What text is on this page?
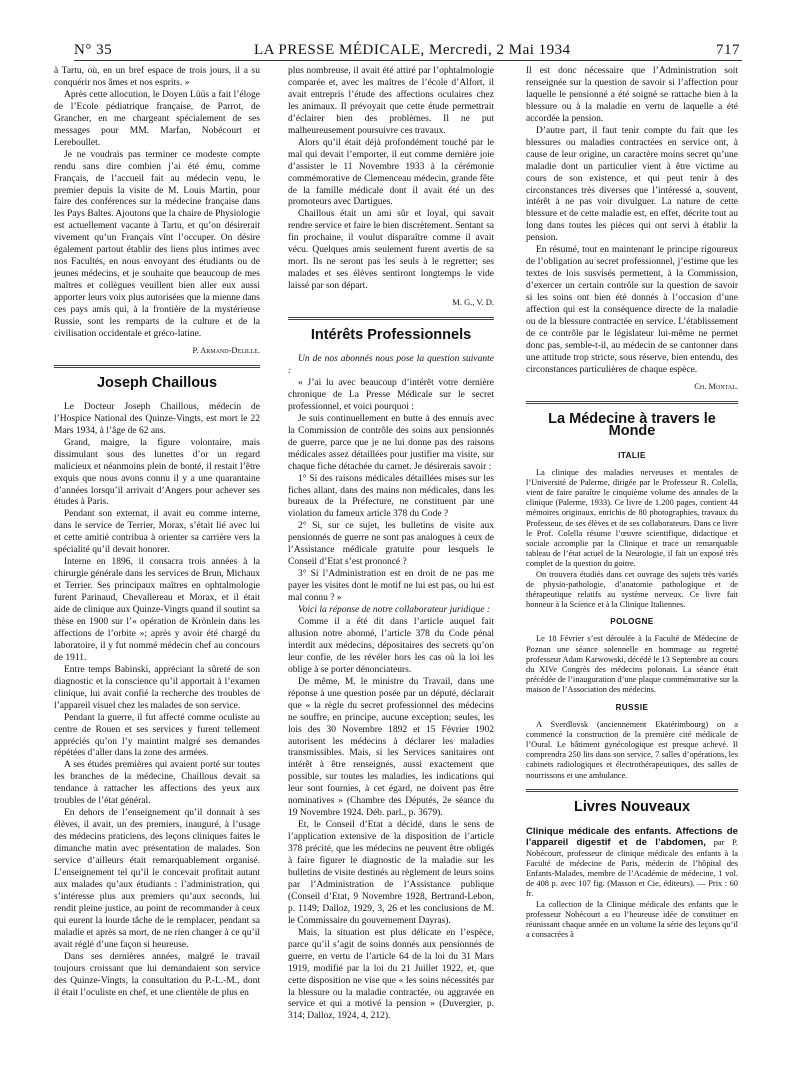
N° 35	LA PRESSE MÉDICALE, Mercredi, 2 Mai 1934	717

à Tartu, où, en un bref espace de trois jours, il a su conquérir nos âmes et nos esprits. »

Après cette allocution, le Doyen Lüüs a fait l’éloge de l’Ecole pédiatrique française, de Parrot, de Grancher, en me chargeant spécialement de ses messages pour MM. Marfan, Nobécourt et Lereboullet.

Je ne voudrais pas terminer ce modeste compte rendu sans dire combien j’ai été ému, comme Français, de l’accueil fait au médecin venu, le premier depuis la visite de M. Louis Martin, pour faire des conférences sur la médecine française dans les Pays Baltes. Ajoutons que la chaire de Physiologie est actuellement vacante à Tartu, et qu’on désirerait vivement qu’un Français vînt l’occuper. On désire également partout établir des liens plus intimes avec nos Facultés, en nous envoyant des étudiants ou de jeunes médecins, et je souhaite que beaucoup de mes maîtres et collègues veuillent bien aller eux aussi apporter leurs voix plus autorisées que la mienne dans ces pays amis qui, à la frontière de la mystérieuse Russie, sont les remparts de la culture et de la civilisation occidentale et gréco-latine.

P. Armand-Delille.

Joseph Chaillous

Le Docteur Joseph Chaillous, médecin de l’Hospice National des Quinze-Vingts, est mort le 22 Mars 1934, à l’âge de 62 ans.

Grand, maigre, la figure volontaire, mais dissimulant sous des lunettes d’or un regard malicieux et néanmoins plein de bonté, il restait l’être exquis que nous avons connu il y a une quarantaine d’années lorsqu’il arrivait d’Angers pour achever ses études à Paris.

Pendant son externat, il avait eu comme interne, dans le service de Terrier, Morax, s’était lié avec lui et cette amitié contribua à orienter sa carrière vers la spécialité qu’il devait honorer.

Interne en 1896, il consacra trois années à la chirurgie générale dans les services de Brun, Michaux et Terrier. Ses principaux maîtres en ophtalmologie furent Parinaud, Chevallereau et Morax, et il était aide de clinique aux Quinze-Vingts quand il soutint sa thèse en 1900 sur l’« opération de Krönlein dans les affections de l’orbite »; après y avoir été chargé du laboratoire, il y fut nommé médecin chef au concours de 1911.

Entre temps Babinski, appréciant la sûreté de son diagnostic et la conscience qu’il apportait à l’examen clinique, lui avait confié la recherche des troubles de l’appareil visuel chez les malades de son service.

Pendant la guerre, il fut affecté comme oculiste au centre de Rouen et ses services y furent tellement appréciés qu’on l’y maintint malgré ses demandes répétées d’aller dans la zone des armées.

A ses études premières qui avaient porté sur toutes les branches de la médecine, Chaillous devait sa tendance à rattacher les affections des yeux aux troubles de l’état général.

En dehors de l’enseignement qu’il donnait à ses élèves, il avait, un des premiers, inauguré, à l’usage des médecins praticiens, des leçons cliniques faites le dimanche matin avec présentation de malades. Son service d’ailleurs était remarquablement organisé. L’enseignement tel qu’il le concevait profitait autant aux malades qu’aux étudiants : l’administration, qui s’intéresse plus aux premiers qu’aux seconds, lui rendit pleine justice, au point de recommander à ceux qui eurent la lourde tâche de le remplacer, pendant sa maladie et après sa mort, de ne rien changer à ce qu’il avait réglé d’une façon si heureuse.

Dans ses dernières années, malgré le travail toujours croissant que lui demandaient son service des Quinze-Vingts, la consultation du P.-L.-M., dont il était l’oculiste en chef, et une clientèle de plus en

plus nombreuse, il avait été attiré par l’ophtalmologie comparée et, avec les maîtres de l’école d’Alfort, il avait entrepris l’étude des affections oculaires chez les animaux. Il prévoyait que cette étude permettrait d’éclairer bien des problèmes. Il ne put malheureusement poursuivre ces travaux.

Alors qu’il était déjà profondément touché par le mal qui devait l’emporter, il eut comme dernière joie d’assister le 11 Novembre 1933 à la cérémonie commémorative de Clemenceau médecin, grande fête de la famille médicale dont il avait été un des promoteurs avec Dartigues.

Chaillous était un ami sûr et loyal, qui savait rendre service et faire le bien discrètement. Sentant sa fin prochaine, il voulut disparaître comme il avait vécu. Quelques amis seulement furent avertis de sa mort. Ils ne seront pas les seuls à le regretter; ses malades et ses élèves sentiront longtemps le vide laissé par son départ.

M. G., V. D.

Intérêts Professionnels

Un de nos abonnés nous pose la question suivante :

« J’ai lu avec beaucoup d’intérêt votre dernière chronique de La Presse Médicale sur le secret professionnel, et voici pourquoi :

Je suis continuellement en butte à des ennuis avec la Commission de contrôle des soins aux pensionnés de guerre, parce que je ne lui donne pas des raisons médicales assez détaillées pour justifier ma visite, sur chaque fiche détachée du carnet. Je désirerais savoir :

1° Si des raisons médicales détaillées mises sur les fiches allant, dans des mains non médicales, dans les bureaux de la Préfecture, ne constituent par une violation du fameux article 378 du Code ?

2° Si, sur ce sujet, les bulletins de visite aux pensionnés de guerre ne sont pas analogues à ceux de l’Assistance médicale gratuite pour lesquels le Conseil d’Etat s’est prononcé ?

3° Si l’Administration est en droit de ne pas me payer les visites dont le motif ne lui est pas, ou lui est mal connu ? »

Voici la réponse de notre collaborateur juridique :

Comme il a été dit dans l’article auquel fait allusion notre abonné, l’article 378 du Code pénal interdit aux médecins, dépositaires des secrets qu’on leur confie, de les révéler hors les cas où la loi les oblige à se porter dénonciateurs.

De même, M. le ministre du Travail, dans une réponse à une question posée par un député, déclarait que « la règle du secret professionnel des médecins ne souffre, en principe, aucune exception; seules, les lois des 30 Novembre 1892 et 15 Février 1902 autorisent les médecins à déclarer les maladies transmissibles. Mais, si les Services sanitaires ont intérêt à être renseignés, aussi exactement que possible, sur toutes les maladies, les indications qui leur sont fournies, à cet égard, ne doivent pas être nominatives » (Chambre des Députés, 2e séance du 19 Novembre 1924. Déb. parl., p. 3679).

Et, le Conseil d’Etat a décidé, dans le sens de l’application extensive de la disposition de l’article 378 précité, que les médecins ne peuvent être obligés à faire figurer le diagnostic de la maladie sur les bulletins de visite destinés au règlement de leurs soins par l’Administration de l’Assistance publique (Conseil d’Etat, 9 Novembre 1928, Bertrand-Lebon, p. 1149; Dalloz, 1929, 3, 26 et les conclusions de M. le Commissaire du gouvernement Dayras).

Mais, la situation est plus délicate en l’espèce, parce qu’il s’agit de soins donnés aux pensionnés de guerre, en vertu de l’article 64 de la loi du 31 Mars 1919, modifié par la loi du 21 Juillet 1922, et, que cette disposition ne vise que « les soins nécessités par la blessure ou la maladie contractée, ou aggravée en service et qui a motivé la pension » (Duvergier, p. 314; Dalloz, 1924, 4, 212).

Il est donc nécessaire que l’Administration soit renseignée sur la question de savoir si l’affection pour laquelle le pensionné a été soigné se rattache bien à la blessure ou à la maladie en vertu de laquelle a été accordée la pension.

D’autre part, il faut tenir compte du fait que les blessures ou maladies contractées en service ont, à cause de leur origine, un caractère moins secret qu’une maladie dont un particulier vient à être victime au cours de son existence, et qui peut tenir à des circonstances très diverses que l’intéressé a, souvent, intérêt à ne pas voir divulguer. La nature de cette blessure et de cette maladie est, en effet, décrite tout au long dans toutes les pièces qui ont servi à établir la pension.

En résumé, tout en maintenant le principe rigoureux de l’obligation au secret professionnel, j’estime que les textes de lois susvisés permettent, à la Commission, d’exercer un certain contrôle sur la question de savoir si les soins ont bien été donnés à l’occasion d’une affection qui est la conséquence directe de la maladie ou de la blessure contractée en service. L’établissement de ce contrôle par le législateur lui-même ne permet donc pas, semble-t-il, au médecin de se cantonner dans une attitude trop stricte, sous réserve, bien entendu, des circonstances particulières de chaque espèce.

Ch. Montal.

La Médecine à travers le Monde
ITALIE

La clinique des maladies nerveuses et mentales de l’Université de Palerme, dirigée par le Professeur R. Colella, vient de faire paraître le cinquième volume des annales de la clinique (Palerme, 1933). Ce livre de 1.200 pages, contient 44 mémoires originaux, enrichis de 80 photographies, travaux du Professeur, de ses élèves et de ses collaborateurs. Dans ce livre le Prof. Colella résume l’œuvre scientifique, didactique et sociale accomplie par la Clinique et trace un remarquable tableau de l’état actuel de la Neurologie, il fait un exposé très complet de la question du goitre.

On trouvera étudiés dans cet ouvrage des sujets très variés de physio-pathologie, d’anatomie pathologique et de thérapeutique relatifs au système nerveux. Ce livre fait honneur à la Science et à la Clinique Italiennes.

POLOGNE

Le 18 Février s’est déroulée à la Faculté de Médecine de Poznan une séance solennelle en hommage au regretté professeur Adam Karwowski, décédé le 13 Septembre au cours du XIVe Congrès des médecins polonais. La séance était précédée de l’inauguration d’une plaque commémorative sur la maison de l’Association des médecins.

RUSSIE

A Sverdlovsk (anciennement Ekatérimbourg) on a commencé la construction de la première cité médicale de l’Oural. Le bâtiment gynécologique est presque achevé. Il comprendra 250 lits dans son service, 7 salles d’opérations, les cabinets radiologiques et électrothérapeutiques, des salles de nourrissons et une ambulance.

Livres Nouveaux

Clinique médicale des enfants. Affections de l’appareil digestif et de l’abdomen, par P. Nobécourt, professeur de clinique médicale des enfants à la Faculté de médecine de Paris, médecin de l’hôpital des Enfants-Malades, membre de l’Académie de médecine, 1 vol. de 408 p. avec 107 fig. (Masson et Cie, éditeurs). — Prix : 60 fr.

La collection de la Clinique médicale des enfants que le professeur Nobécourt a eu l’heureuse idée de constituer en réunissant chaque année en un volume la série des leçons qu’il a consacrées à
